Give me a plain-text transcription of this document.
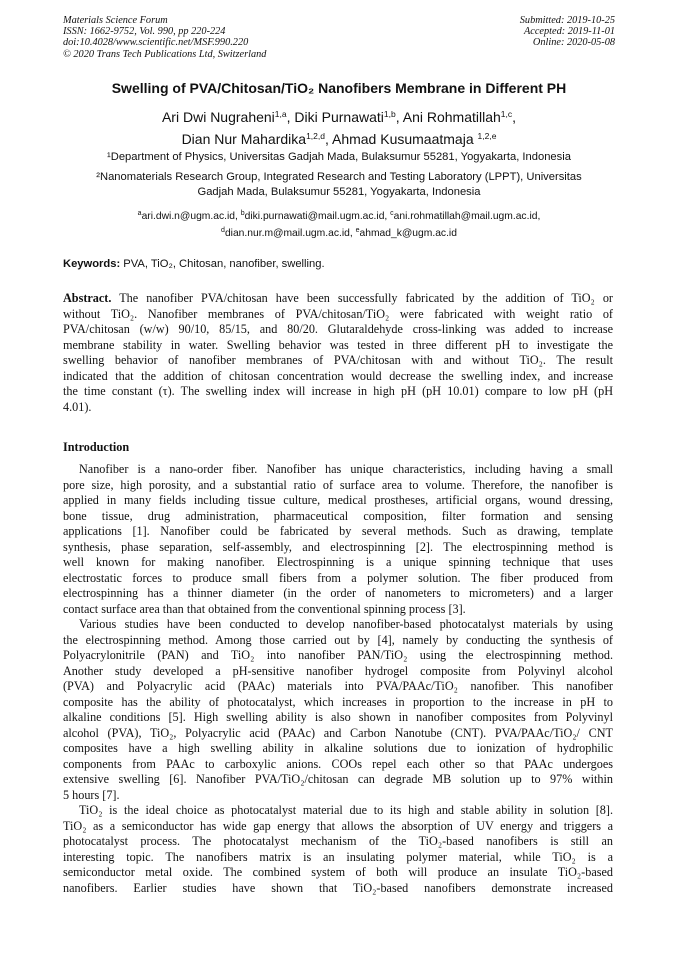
Materials Science Forum
ISSN: 1662-9752, Vol. 990, pp 220-224
doi:10.4028/www.scientific.net/MSF.990.220
© 2020 Trans Tech Publications Ltd, Switzerland
Submitted: 2019-10-25
Accepted: 2019-11-01
Online: 2020-05-08
Swelling of PVA/Chitosan/TiO₂ Nanofibers Membrane in Different PH
Ari Dwi Nugraheni$^{1,a}$, Diki Purnawati$^{1,b}$, Ani Rohmatillah$^{1,c}$,
Dian Nur Mahardika$^{1,2,d}$, Ahmad Kusumaatmaja $^{1,2,e}$
¹Department of Physics, Universitas Gadjah Mada, Bulaksumur 55281, Yogyakarta, Indonesia
²Nanomaterials Research Group, Integrated Research and Testing Laboratory (LPPT), Universitas
Gadjah Mada, Bulaksumur 55281, Yogyakarta, Indonesia
$^a$ari.dwi.n@ugm.ac.id, $^b$diki.purnawati@mail.ugm.ac.id, $^c$ani.rohmatillah@mail.ugm.ac.id,
$^d$dian.nur.m@mail.ugm.ac.id, $^e$ahmad_k@ugm.ac.id
Keywords: PVA, TiO₂, Chitosan, nanofiber, swelling.
Abstract. The nanofiber PVA/chitosan have been successfully fabricated by the addition of TiO₂ or
without TiO₂. Nanofiber membranes of PVA/chitosan/TiO₂ were fabricated with weight ratio of
PVA/chitosan (w/w) 90/10, 85/15, and 80/20. Glutaraldehyde cross-linking was added to increase
membrane stability in water. Swelling behavior was tested in three different pH to investigate the
swelling behavior of nanofiber membranes of PVA/chitosan with and without TiO₂. The result
indicated that the addition of chitosan concentration would decrease the swelling index, and increase
the time constant (τ). The swelling index will increase in high pH (pH 10.01) compare to low pH (pH
4.01).
Introduction
Nanofiber is a nano-order fiber. Nanofiber has unique characteristics, including having a small
pore size, high porosity, and a substantial ratio of surface area to volume. Therefore, the nanofiber is
applied in many fields including tissue culture, medical prostheses, artificial organs, wound dressing,
bone tissue, drug administration, pharmaceutical composition, filter formation and sensing
applications [1]. Nanofiber could be fabricated by several methods. Such as drawing, template
synthesis, phase separation, self-assembly, and electrospinning [2]. The electrospinning method is
well known for making nanofiber. Electrospinning is a unique spinning technique that uses
electrostatic forces to produce small fibers from a polymer solution. The fiber produced from
electrospinning has a thinner diameter (in the order of nanometers to micrometers) and a larger
contact surface area than that obtained from the conventional spinning process [3].
Various studies have been conducted to develop nanofiber-based photocatalyst materials by using
the electrospinning method. Among those carried out by [4], namely by conducting the synthesis of
Polyacrylonitrile (PAN) and TiO₂ into nanofiber PAN/TiO₂ using the electrospinning method.
Another study developed a pH-sensitive nanofiber hydrogel composite from Polyvinyl alcohol
(PVA) and Polyacrylic acid (PAAc) materials into PVA/PAAc/TiO₂ nanofiber. This nanofiber
composite has the ability of photocatalyst, which increases in proportion to the increase in pH to
alkaline conditions [5]. High swelling ability is also shown in nanofiber composites from Polyvinyl
alcohol (PVA), TiO₂, Polyacrylic acid (PAAc) and Carbon Nanotube (CNT). PVA/PAAc/TiO₂/ CNT
composites have a high swelling ability in alkaline solutions due to ionization of hydrophilic
components from PAAc to carboxylic anions. COOs repel each other so that PAAc undergoes
extensive swelling [6]. Nanofiber PVA/TiO₂/chitosan can degrade MB solution up to 97% within
5 hours [7].
TiO₂ is the ideal choice as photocatalyst material due to its high and stable ability in solution [8].
TiO₂ as a semiconductor has wide gap energy that allows the absorption of UV energy and triggers a
photocatalyst process. The photocatalyst mechanism of the TiO₂-based nanofibers is still an
interesting topic. The nanofibers matrix is an insulating polymer material, while TiO₂ is a
semiconductor metal oxide. The combined system of both will produce an insulate TiO₂-based
nanofibers. Earlier studies have shown that TiO₂-based nanofibers demonstrate increased
